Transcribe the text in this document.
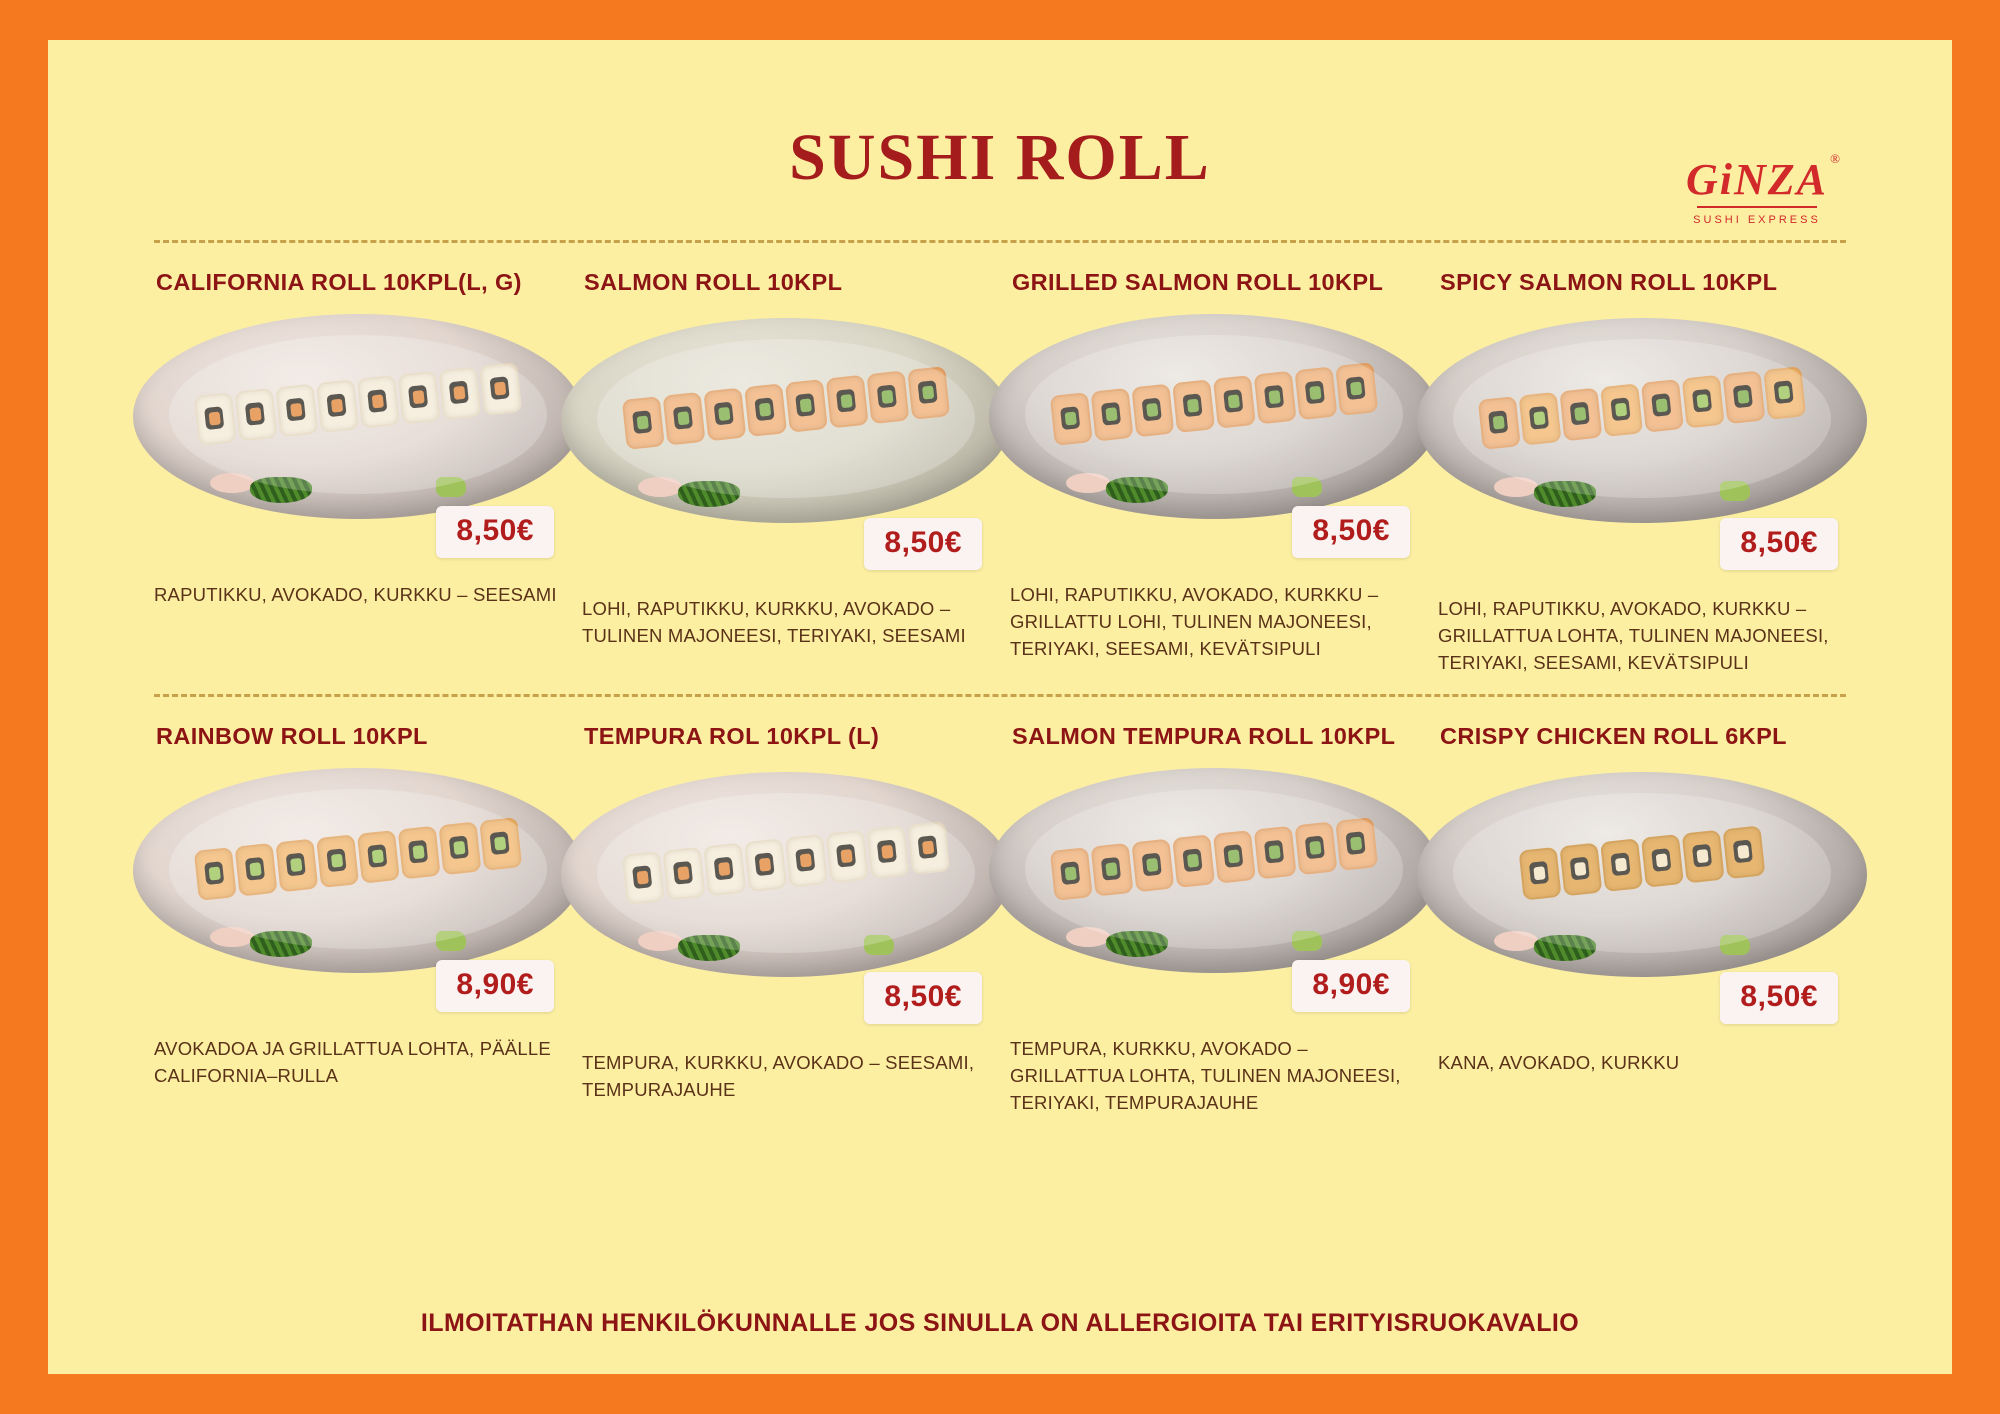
SUSHI ROLL	GiNZA ®
SUSHI EXPRESS
CALIFORNIA ROLL 10KPL(L, G)
8,50€
RAPUTIKKU, AVOKADO, KURKKU – SEESAMI
SALMON ROLL 10KPL
8,50€
LOHI, RAPUTIKKU, KURKKU, AVOKADO – TULINEN MAJONEESI, TERIYAKI, SEESAMI
GRILLED SALMON ROLL 10KPL
8,50€
LOHI, RAPUTIKKU, AVOKADO, KURKKU – GRILLATTU LOHI, TULINEN MAJONEESI, TERIYAKI, SEESAMI, KEVÄTSIPULI
SPICY SALMON ROLL 10KPL
8,50€
LOHI, RAPUTIKKU, AVOKADO, KURKKU – GRILLATTUA LOHTA, TULINEN MAJONEESI, TERIYAKI, SEESAMI, KEVÄTSIPULI
RAINBOW ROLL 10KPL
8,90€
AVOKADOA JA GRILLATTUA LOHTA, PÄÄLLE CALIFORNIA–RULLA
TEMPURA ROL 10KPL (L)
8,50€
TEMPURA, KURKKU, AVOKADO – SEESAMI, TEMPURAJAUHE
SALMON TEMPURA ROLL 10KPL
8,90€
TEMPURA, KURKKU, AVOKADO – GRILLATTUA LOHTA, TULINEN MAJONEESI, TERIYAKI, TEMPURAJAUHE
CRISPY CHICKEN ROLL 6KPL
8,50€
KANA, AVOKADO, KURKKU
ILMOITATHAN HENKILÖKUNNALLE JOS SINULLA ON ALLERGIOITA TAI ERITYISRUOKAVALIO
